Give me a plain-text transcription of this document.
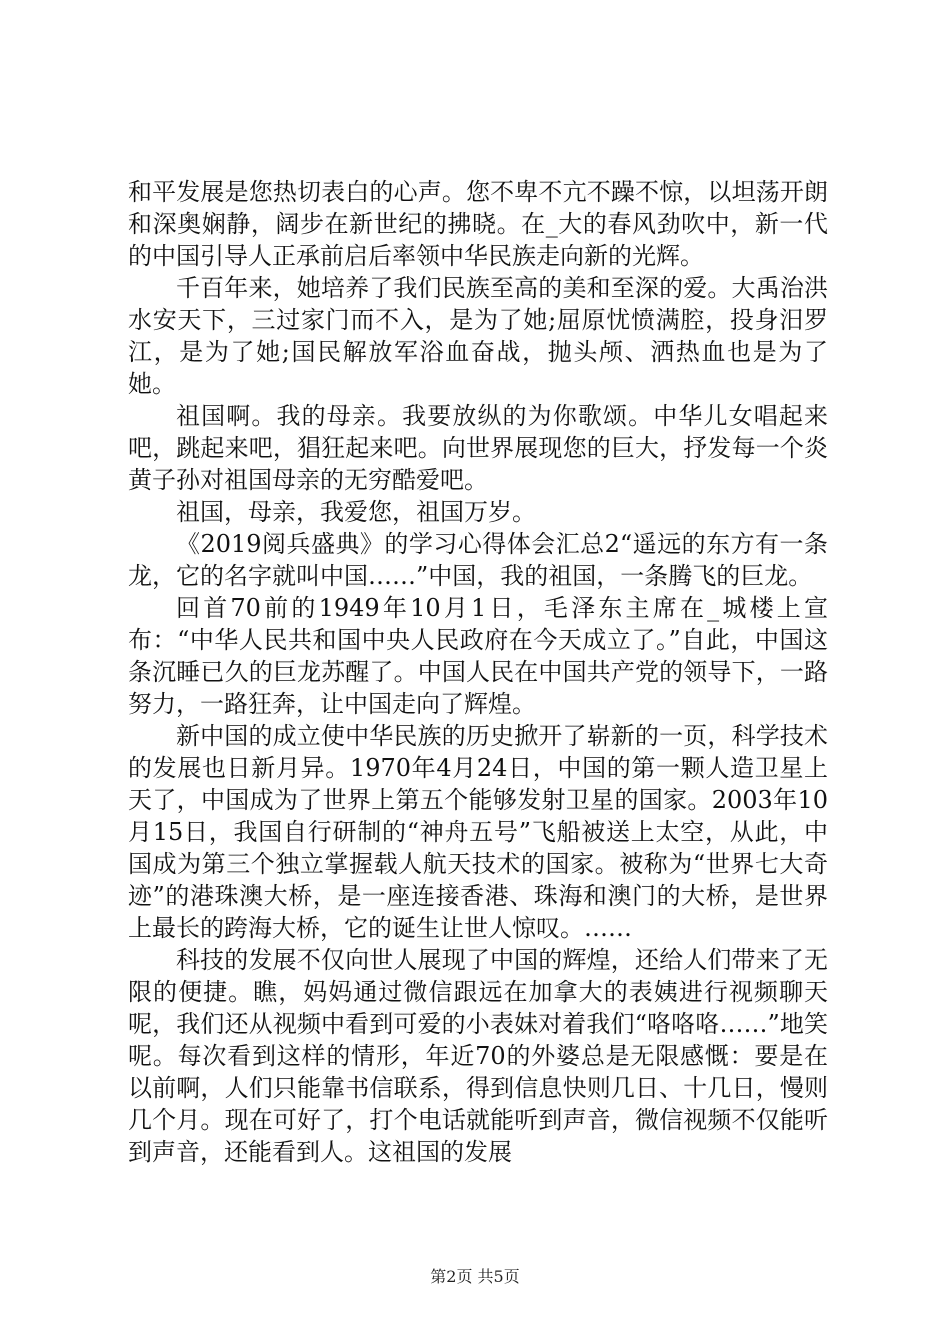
和平发展是您热切表白的心声。您不卑不亢不躁不惊，以坦荡开朗和深奥娴静，阔步在新世纪的拂晓。在_大的春风劲吹中，新一代的中国引导人正承前启后率领中华民族走向新的光辉。

千百年来，她培养了我们民族至高的美和至深的爱。大禹治洪水安天下，三过家门而不入，是为了她;屈原忧愤满腔，投身汨罗江，是为了她;国民解放军浴血奋战，抛头颅、洒热血也是为了她。

祖国啊。我的母亲。我要放纵的为你歌颂。中华儿女唱起来吧，跳起来吧，猖狂起来吧。向世界展现您的巨大，抒发每一个炎黄子孙对祖国母亲的无穷酷爱吧。

祖国，母亲，我爱您，祖国万岁。

《2019阅兵盛典》的学习心得体会汇总2“遥远的东方有一条龙，它的名字就叫中国……”中国，我的祖国，一条腾飞的巨龙。

回首70前的1949年10月1日，毛泽东主席在_城楼上宣布：“中华人民共和国中央人民政府在今天成立了。”自此，中国这条沉睡已久的巨龙苏醒了。中国人民在中国共产党的领导下，一路努力，一路狂奔，让中国走向了辉煌。

新中国的成立使中华民族的历史掀开了崭新的一页，科学技术的发展也日新月异。1970年4月24日，中国的第一颗人造卫星上天了，中国成为了世界上第五个能够发射卫星的国家。2003年10月15日，我国自行研制的“神舟五号”飞船被送上太空，从此，中国成为第三个独立掌握载人航天技术的国家。被称为“世界七大奇迹”的港珠澳大桥，是一座连接香港、珠海和澳门的大桥，是世界上最长的跨海大桥，它的诞生让世人惊叹。……

科技的发展不仅向世人展现了中国的辉煌，还给人们带来了无限的便捷。瞧，妈妈通过微信跟远在加拿大的表姨进行视频聊天呢，我们还从视频中看到可爱的小表妹对着我们“咯咯咯……”地笑呢。每次看到这样的情形，年近70的外婆总是无限感慨：要是在以前啊，人们只能靠书信联系，得到信息快则几日、十几日，慢则几个月。现在可好了，打个电话就能听到声音，微信视频不仅能听到声音，还能看到人。这祖国的发展

第2页 共5页
